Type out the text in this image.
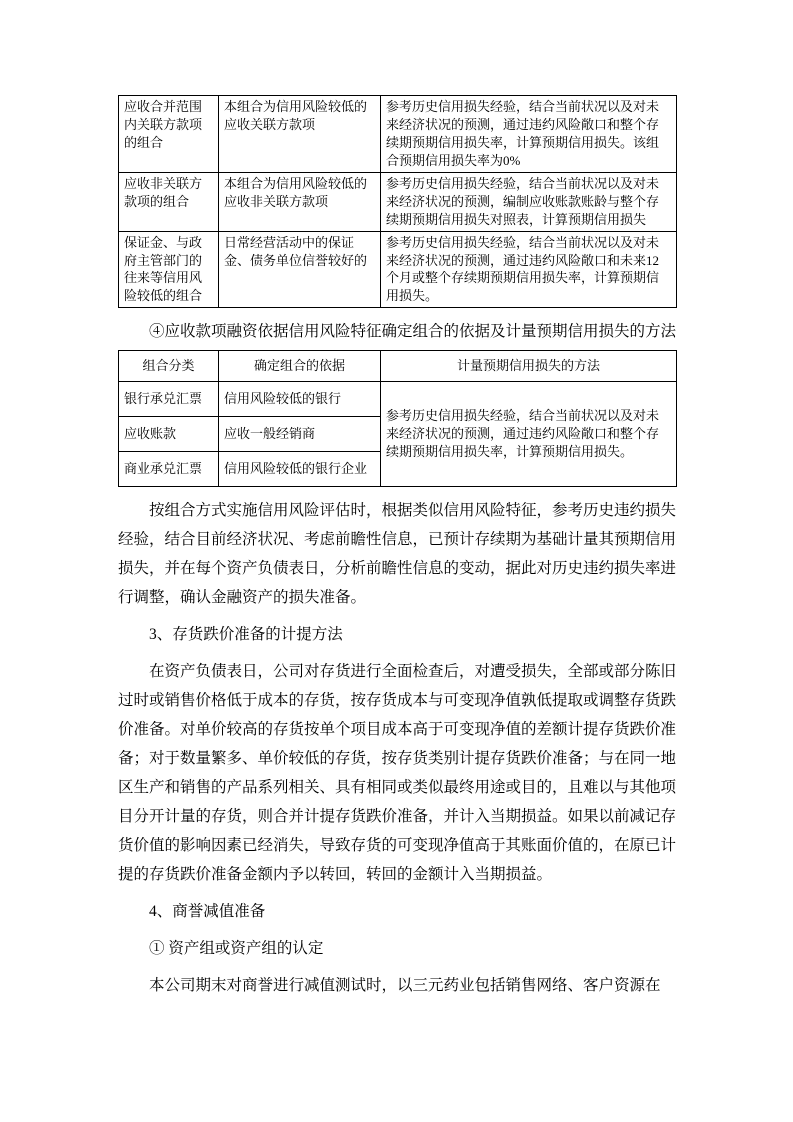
应收合并范围内关联方款项的组合	本组合为信用风险较低的应收关联方款项	参考历史信用损失经验，结合当前状况以及对未来经济状况的预测，通过违约风险敞口和整个存续期预期信用损失率，计算预期信用损失。该组合预期信用损失率为0%
应收非关联方款项的组合	本组合为信用风险较低的应收非关联方款项	参考历史信用损失经验，结合当前状况以及对未来经济状况的预测，编制应收账款账龄与整个存续期预期信用损失对照表，计算预期信用损失
保证金、与政府主管部门的往来等信用风险较低的组合	日常经营活动中的保证金、债务单位信誉较好的	参考历史信用损失经验，结合当前状况以及对未来经济状况的预测，通过违约风险敞口和未来12个月或整个存续期预期信用损失率，计算预期信用损失。

④应收款项融资依据信用风险特征确定组合的依据及计量预期信用损失的方法

组合分类	确定组合的依据	计量预期信用损失的方法
银行承兑汇票	信用风险较低的银行	参考历史信用损失经验，结合当前状况以及对未来经济状况的预测，通过违约风险敞口和整个存续期预期信用损失率，计算预期信用损失。
应收账款	应收一般经销商	
商业承兑汇票	信用风险较低的银行企业	

按组合方式实施信用风险评估时，根据类似信用风险特征，参考历史违约损失经验，结合目前经济状况、考虑前瞻性信息，已预计存续期为基础计量其预期信用损失，并在每个资产负债表日，分析前瞻性信息的变动，据此对历史违约损失率进行调整，确认金融资产的损失准备。

3、存货跌价准备的计提方法

在资产负债表日，公司对存货进行全面检查后，对遭受损失，全部或部分陈旧过时或销售价格低于成本的存货，按存货成本与可变现净值孰低提取或调整存货跌价准备。对单价较高的存货按单个项目成本高于可变现净值的差额计提存货跌价准备；对于数量繁多、单价较低的存货，按存货类别计提存货跌价准备；与在同一地区生产和销售的产品系列相关、具有相同或类似最终用途或目的，且难以与其他项目分开计量的存货，则合并计提存货跌价准备，并计入当期损益。如果以前减记存货价值的影响因素已经消失，导致存货的可变现净值高于其账面价值的，在原已计提的存货跌价准备金额内予以转回，转回的金额计入当期损益。

4、商誉减值准备

① 资产组或资产组的认定

本公司期末对商誉进行减值测试时，以三元药业包括销售网络、客户资源在
